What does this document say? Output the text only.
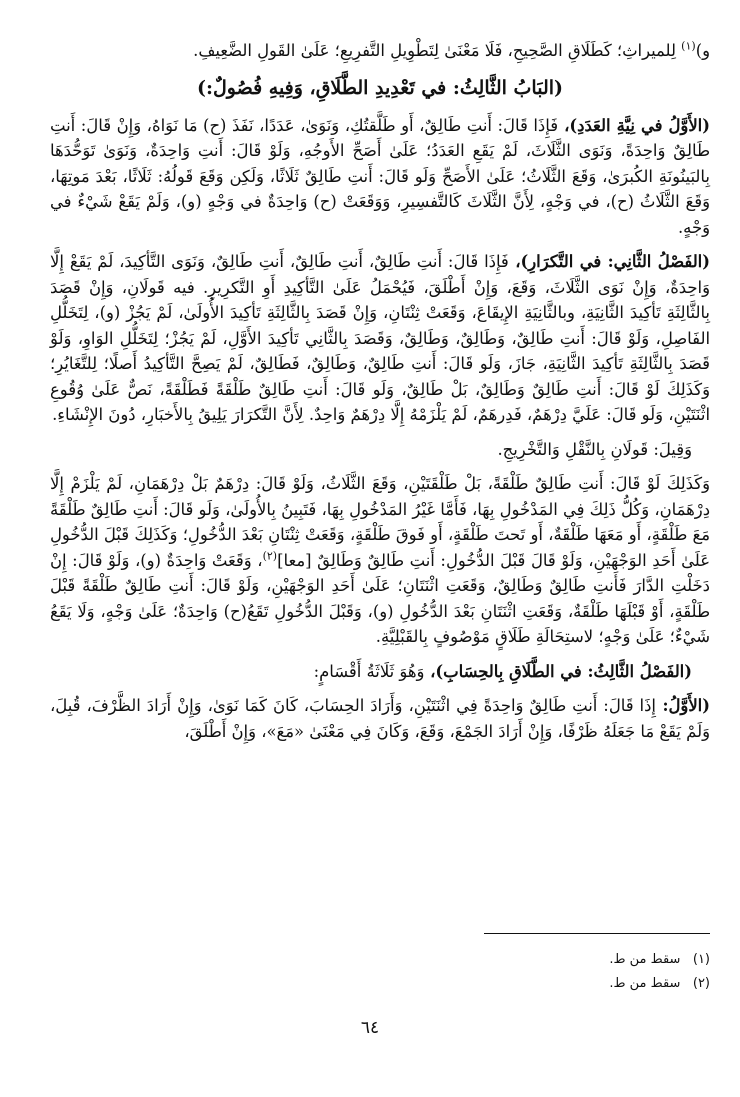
و)$^{(١)}$ لِلميراثِ؛ كَطَلَاقِ الصَّحِيحِ، فَلَا مَعْنَىٰ لِتَطْوِيلِ التَّفرِيعِ؛ عَلَىٰ القَولِ الضَّعِيفِ.

(البَابُ الثَّالِثُ: في تَعْدِيدِ الطَّلَاقِ، وَفِيهِ فُصُولٌ:)

(الأَوَّلُ في نِيَّةِ العَدَدِ)، فَإِذَا قَالَ: أَنتِ طَالِقٌ، أَو طَلَّقتُكِ، وَنَوَىٰ، عَدَدًا، نَفَذَ (ح) مَا نَوَاهُ، وَإِنْ قَالَ: أَنتِ طَالِقٌ وَاحِدَةً، وَنَوَى الثَّلَاثَ، لَمْ يَقَعِ العَدَدُ؛ عَلَىٰ أَصَحِّ الأَوجُهِ، وَلَوْ قَالَ: أَنتِ وَاحِدَةٌ، وَنَوَىٰ تَوَحُّدَهَا بِالبَينُونَةِ الكُبرَىٰ، وَقَعَ الثَّلَاثُ؛ عَلَىٰ الأَصَحِّ وَلَو قَالَ: أَنتِ طَالِقٌ ثَلَاثًا، وَلَكِن وَقَعَ قَولُهُ: ثَلَاثًا، بَعْدَ مَوتِهَا، وَقَعَ الثَّلَاثُ (ح)، في وَجْهٍ، لِأَنَّ الثَّلَاثَ كَالتَّفسِيرِ، وَوَقَعَتْ (ح) وَاحِدَةٌ في وَجْهٍ (و)، وَلَمْ يَقَعْ شَيْءٌ في وَجْهٍ.

(الفَصْلُ الثَّانِي: في التَّكرَارِ)، فَإِذَا قَالَ: أَنتِ طَالِقٌ، أَنتِ طَالِقٌ، أَنتِ طَالِقٌ، وَنَوَى التَّأكِيدَ، لَمْ يَقَعْ إِلَّا وَاحِدَةٌ، وَإِنْ نَوَى الثَّلَاثَ، وَقَعَ، وَإِنْ أَطْلَقَ، فَيُحْمَلُ عَلَىٰ التَّأكِيدِ أَوِ التَّكرِيرِ. فيه قَولَانِ، وَإِنْ قَصَدَ بِالثَّالِثَةِ تَأكِيدَ الثَّانِيَةِ، وبالثَّانِيَةِ الإِيقَاعَ، وَقَعَتْ ثِنْتَانِ، وَإِنْ قَصَدَ بِالثَّالِثَةِ تَأكِيدَ الأُولَىٰ، لَمْ يَجُزْ (و)، لِتَخَلُّلِ الفَاصِلِ، وَلَوْ قَالَ: أَنتِ طَالِقٌ، وَطَالِقٌ، وَطَالِقٌ، وَقَصَدَ بِالثَّانِي تَأكِيدَ الأَوَّلِ، لَمْ يَجُزْ؛ لِتَخَلُّلِ الوَاوِ، وَلَوْ قَصَدَ بِالثَّالِثَةِ تَأكِيدَ الثَّانِيَةِ، جَازَ، وَلَو قَالَ: أَنتِ طَالِقٌ، وَطَالِقٌ، فَطَالِقٌ، لَمْ يَصِحَّ التَّأكِيدُ أَصلًا؛ لِلتَّغَايُرِ؛ وَكَذَلِكَ لَوْ قَالَ: أَنتِ طَالِقٌ وَطَالِقٌ، بَلْ طَالِقٌ، وَلَو قَالَ: أَنتِ طَالِقٌ طَلْقَةً فَطَلْقَةً، نَصٌّ عَلَىٰ وُقُوعِ اثْنَتَيْنِ، وَلَو قَالَ: عَلَيَّ دِرْهَمٌ، فَدِرهَمٌ، لَمْ يَلْزَمْهُ إِلَّا دِرْهَمٌ وَاحِدٌ. لِأَنَّ التَّكرَارَ يَلِيقُ بِالأَخبَارِ، دُونَ الإِنْشَاءِ.

وَقِيلَ: قَولَانِ بِالنَّقْلِ وَالتَّخْرِيجِ.

وَكَذَلِكَ لَوْ قَالَ: أَنتِ طَالِقٌ طَلْقَةً، بَلْ طَلْقَتَيْنِ، وَقَعَ الثَّلَاثُ، وَلَوْ قَالَ: دِرْهَمٌ بَلْ دِرْهَمَانِ، لَمْ يَلْزَمْ إِلَّا دِرْهَمَانِ، وَكُلُّ ذَلِكَ فِي المَدْخُولِ بِهَا، فَأَمَّا غَيْرُ المَدْخُولِ بِهَا، فَتَبِينُ بِالأُولَىٰ، وَلَو قَالَ: أَنتِ طَالِقٌ طَلْقَةً مَعَ طَلْقَةٍ، أَو مَعَهَا طَلْقَةٌ، أَو تَحتَ طَلْقَةٍ، أَو فَوقَ طَلْقَةٍ، وَقَعَتْ ثِنْتَانِ بَعْدَ الدُّخُولِ؛ وَكَذَلِكَ قَبْلَ الدُّخُولِ عَلَىٰ أَحَدِ الوَجْهَيْنِ، وَلَوْ قَالَ قَبْلَ الدُّخُولِ: أَنتِ طَالِقٌ وَطَالِقٌ [معا]$^{(٢)}$، وَقَعَتْ وَاحِدَةٌ (و)، وَلَوْ قَالَ: إِنْ دَخَلْتِ الدَّارَ فَأَنتِ طَالِقٌ وَطَالِقٌ، وَقَعَتِ اثْنَتَانِ؛ عَلَىٰ أَحَدِ الوَجْهَيْنِ، وَلَوْ قَالَ: أَنتِ طَالِقٌ طَلْقَةً قَبْلَ طَلْقَةٍ، أَوْ قَبْلَهَا طَلْقَةٌ، وَقَعَتِ اثْنَتَانِ بَعْدَ الدُّخُولِ (و)، وَقَبْلَ الدُّخُولِ تَقَعُ(ح) وَاحِدَةٌ؛ عَلَىٰ وَجْهٍ، وَلَا يَقَعُ شَيْءٌ؛ عَلَىٰ وَجْهٍ؛ لاستِحَالَةِ طَلَاقٍ مَوْصُوفٍ بِالقَبْلِيَّةِ.

(الفَصْلُ الثَّالِثُ: في الطَّلَاقِ بِالحِسَابِ)، وَهُوَ ثَلَاثَةُ أَقْسَامٍ:

(الأَوَّلُ: إِذَا قَالَ: أَنتِ طَالِقٌ وَاحِدَةً فِي اثْنَتَيْنِ، وَأَرَادَ الحِسَابَ، كَانَ كَمَا نَوَىٰ، وَإِنْ أَرَادَ الظَّرْفَ، قُبِلَ، وَلَمْ يَقَعْ مَا جَعَلَهُ ظَرْفًا، وَإِنْ أَرَادَ الجَمْعَ، وَقَعَ، وَكَانَ فِي مَعْنَىٰ «مَعَ»، وَإِنْ أَطْلَقَ،

(١)   سقط من ط.

(٢)   سقط من ط.

٦٤
